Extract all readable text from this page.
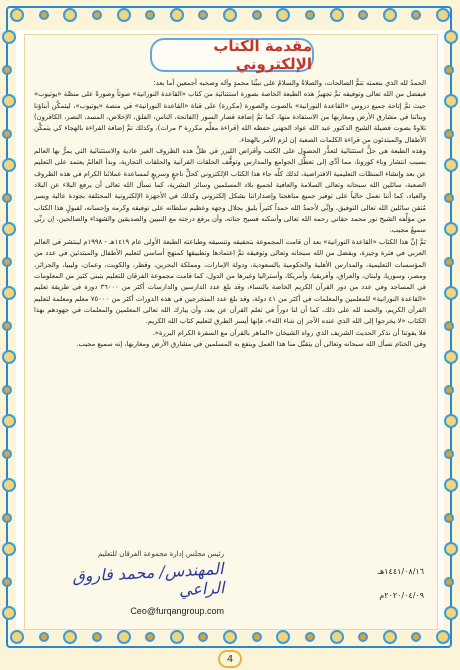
مقدمة الكتاب الإلكتروني

الحمدُ لله الذي بنعمته تتمُّ الصالحات، والصلاةُ والسلامُ على نبيِّنا محمدٍ وآله وصحبه أجمعين أما بعد:

فبفضل من الله تعالى وتوفيقه تمَّ تجهيزُ هذه الطبعة الخاصة بصورة استثنائية من كتاب «القاعدة النورانية» صوتاً وصورةً على منصَّة «يوتيوب» حيث تمَّ إتاحة جميع دروس «القاعدة النورانية» بالصوت والصورة (مكررة) على قناة «القاعدة النورانية» في منصة «يوتيوب»، ليتمكَّن أبناؤنا وبناتنا في مشارق الأرض ومغاربها من الاستفادة منها، كما تمَّ إضافة قصار السور (الفاتحة، الناس، الفلق، الإخلاص، المسد، النصر، الكافرون) تلاوةً بصوت فضيلة الشيخ الدكتور عبد الله عواد الجهني حفظه الله (قراءة معلِّم مكررة ٣ مرات)، وكذلك تمَّ إضافة القراءة بالهجاء كي يتمكَّن الأطفال والمبتدئون من قراءة الكلمات الصعبة إن لزم الأمر بالهجاء.

وهذه الطبعة هي حلٌّ استثنائية لتعذُّر الحصول على الكتب وأقراص الليزر في ظلِّ هذه الظروف الغير عادية والاستثنائية التي يمرُّ بها العالم بسبب انتشار وباء كورونا، مما أدَّى إلى تعطُّل الجوامع والمدارس وتوقُّف الحلقات القرآنية والحلقات التجارية، وبدأ العالمُ يعتمد على التعليم عن بعد وإنشاء المنصَّات التعليمية الافتراضية، لذلك كلِّه جاء هذا الكتاب الإلكتروني كحلٍّ ناجعٍ وسريعٍ لمساعدة عملائنا الكرام في هذه الظروف الصعبة، سائلين الله سبحانه وتعالى السلامة والعافية لجميع بلاد المسلمين وسائر البشرية، كما نسأل الله تعالى أن يرفع البلاء عن البلاد والعباد، كما أننا نعمل حالياً على توفير جميع مناهجنا وإصداراتنا بشكل إلكتروني وكذلك في الأجهزة الإلكترونية المختلفة بجودة عالية ويسر مُتقن سائلين الله تعالى التوفيق، وإنِّي لأحمدُ الله حمداً كثيراً يليق بجلال وجهه وعظيم سلطانه على توفيقه وكرمه وإحسانه، لقبولٍ هذا الكتاب من مؤلِّفه الشيخ نور محمد حقاني رحمه الله تعالى وأسكنه فسيح جناته، وأن يرفع درجته مع النبيين والصديقين والشهداء والصالحين، إن ربِّي سميعٌ مجيب.

ثمَّ إنَّ هذا الكتاب «القاعدة النورانية» بعد أن قامت المجموعة بتحقيقه وتنسيقه وطباعته الطبعة الأولى عام ١٤١٩هـ - ١٩٩٨م لينتشر في العالم العربي في فترة وجيزة، وبفضل من الله سبحانه وتعالى وتوفيقه تمَّ اعتمادها وتطبيقها كمنهج أساسي لتعليم الأطفال والمبتدئين في عدد من المؤسسات التعليمية، والمدارس الأهلية والحكومية بالسعودية، ودولة الإمارات، ومملكة البحرين، وقطر، والكويت، وعمان، وليبيا، والجزائر، ومصر، وسوريا، ولبنان، والعراق، وأفريقيا، وأمريكا، وأستراليا وغيرها من الدول، كما قامت مجموعة الفرقان للتعليم بتبني كثير من المعلومات في المساجد وفي عدد من دور القرآن الكريم الخاصة بالنساء، وقد بلغ عدد الدارسين والدارسات أكثر من ٣٦٠٠٠ دورة في طريقة تعليم «القاعدة النورانية» للمعلمين والمعلمات في أكثر من ٤١ دولة، وقد بلغ عدد المتخرجين في هذه الدورات أكثر من ٧٥٠٠٠ معلم ومعلمة لتعليم القرآن الكريم، والحمد لله على ذلك، كما أن لنا دوراً في تعلم القرآن عن بعد، وأن يبارك الله تعالى المعلمين والمعلمات في جهودهم بهذا الكتاب «لا يخرجوا إلى الله الذي عنده الأجر إن شاء الله»، فإنها أيسر الطرق لتعليم كتاب الله الكريم.

فلا يفوتنا أن نذكر الحديث الشريف الذي رواه الشيخان «الماهر بالقرآن مع السفرة الكرام البررة».

وفي الختام نسأل الله سبحانه وتعالى أن يتقبَّل منا هذا العمل وينفع به المسلمين في مشارق الأرض ومغاربها، إنه سميع مجيب.

١٤٤١/٠٨/١٦هـ
٢٠٢٠/٠٤/٠٩م
رئيس مجلس إدارة مجموعة الفرقان للتعليم
المهندس/ محمد فاروق الراعي
Ceo@furqangroup.com
4
